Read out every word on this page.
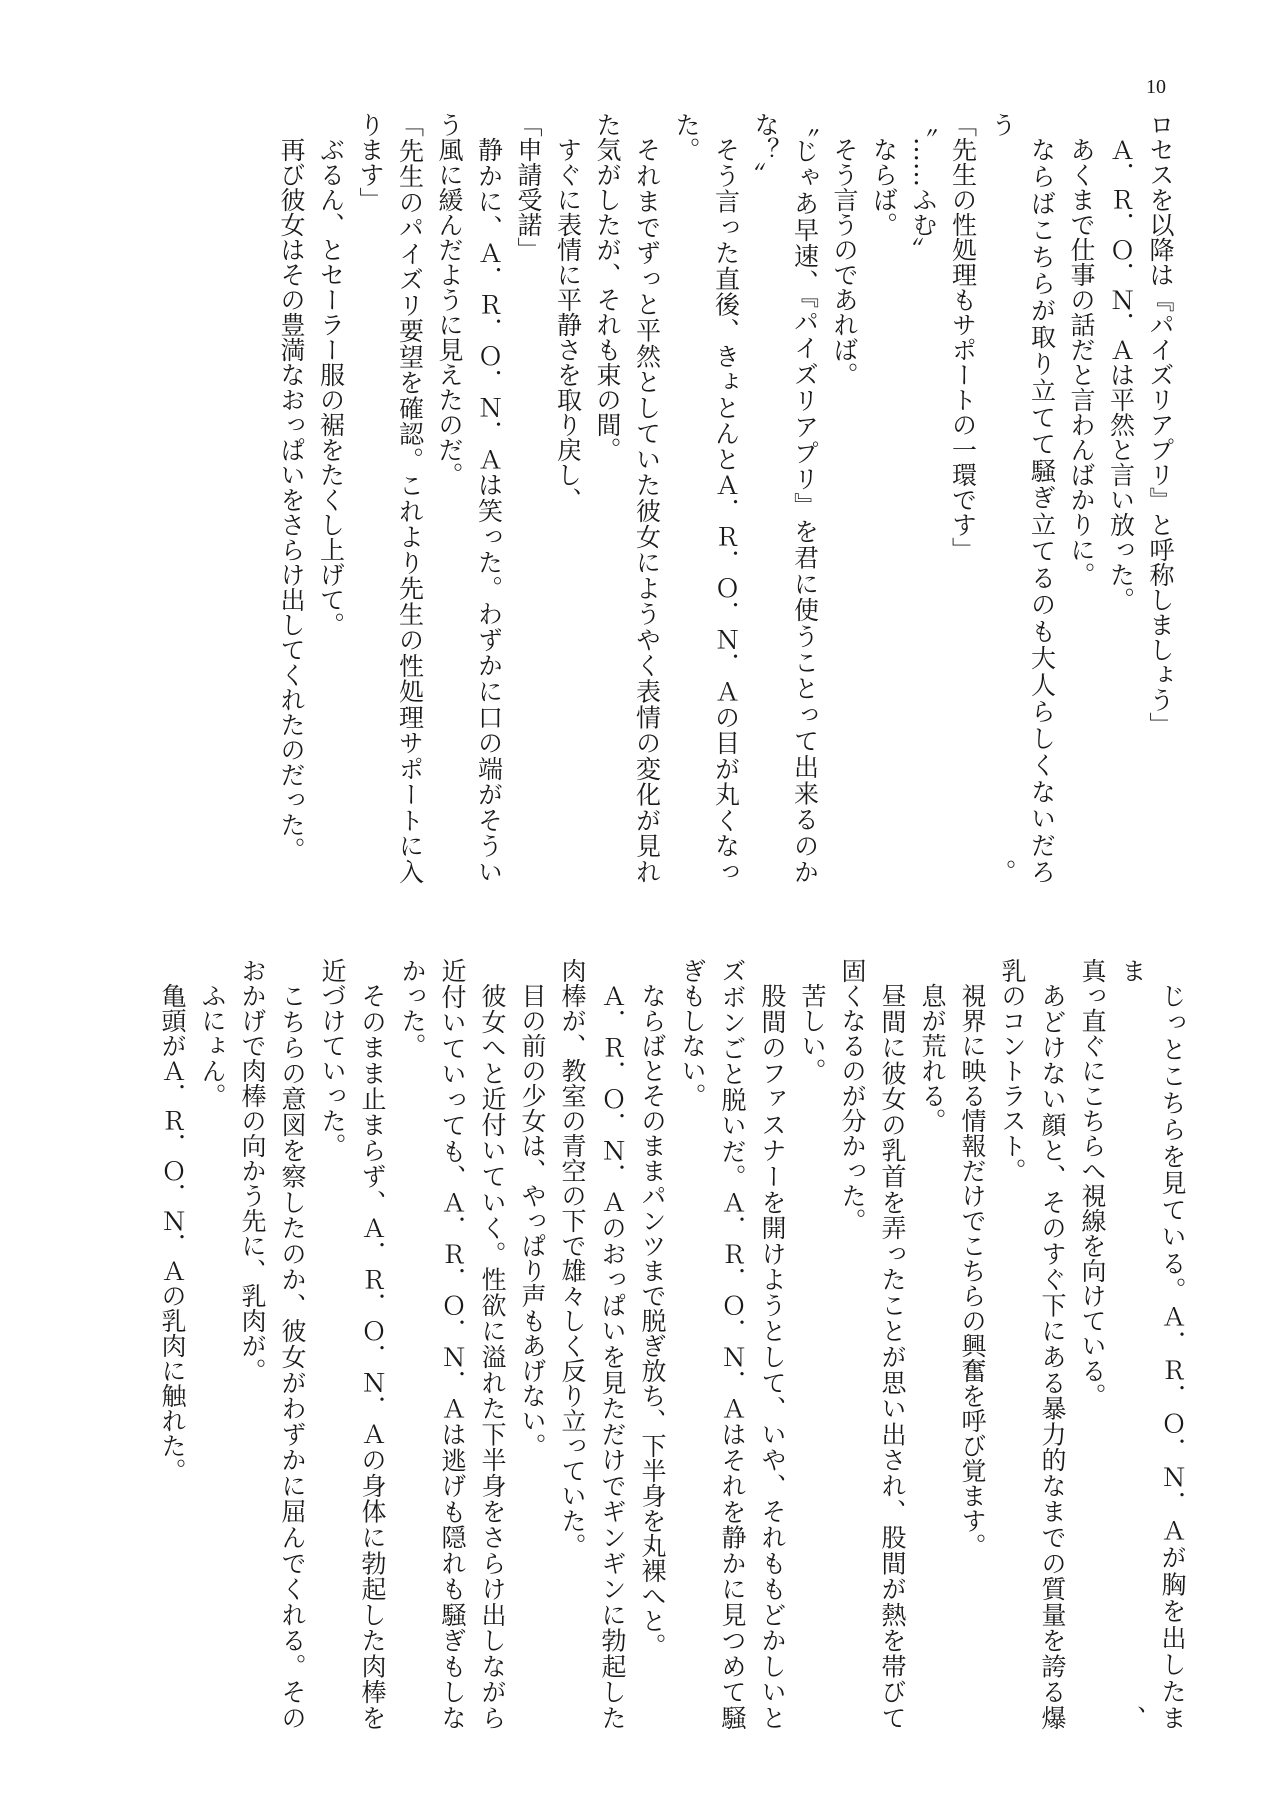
10
ロセスを以降は『パイズリアプリ』と呼称しましょう」
Ａ．Ｒ．Ｏ．Ｎ．Ａは平然と言い放った。
あくまで仕事の話だと言わんばかりに。
ならばこちらが取り立てて騒ぎ立てるのも大人らしくないだろう。
「先生の性処理もサポートの一環です」
〝……ふむ〟
ならば。
そう言うのであれば。
〝じゃあ早速、『パイズリアプリ』を君に使うことって出来るのか
な？〟
そう言った直後、きょとんとＡ．Ｒ．Ｏ．Ｎ．Ａの目が丸くなっ
た。
それまでずっと平然としていた彼女にようやく表情の変化が見れ
た気がしたが、それも束の間。
すぐに表情に平静さを取り戻し、
「申請受諾」
静かに、Ａ．Ｒ．Ｏ．Ｎ．Ａは笑った。わずかに口の端がそうい
う風に緩んだように見えたのだ。
「先生のパイズリ要望を確認。これより先生の性処理サポートに入
ります」
ぶるん、とセーラー服の裾をたくし上げて。
再び彼女はその豊満なおっぱいをさらけ出してくれたのだった。
じっとこちらを見ている。Ａ．Ｒ．Ｏ．Ｎ．Ａが胸を出したまま、
真っ直ぐにこちらへ視線を向けている。
あどけない顔と、そのすぐ下にある暴力的なまでの質量を誇る爆
乳のコントラスト。
視界に映る情報だけでこちらの興奮を呼び覚ます。
息が荒れる。
昼間に彼女の乳首を弄ったことが思い出され、股間が熱を帯びて
固くなるのが分かった。
苦しい。
股間のファスナーを開けようとして、いや、それももどかしいと
ズボンごと脱いだ。Ａ．Ｒ．Ｏ．Ｎ．Ａはそれを静かに見つめて騒
ぎもしない。
ならばとそのままパンツまで脱ぎ放ち、下半身を丸裸へと。
Ａ．Ｒ．Ｏ．Ｎ．Ａのおっぱいを見ただけでギンギンに勃起した
肉棒が、教室の青空の下で雄々しく反り立っていた。
目の前の少女は、やっぱり声もあげない。
彼女へと近付いていく。性欲に溢れた下半身をさらけ出しながら
近付いていっても、Ａ．Ｒ．Ｏ．Ｎ．Ａは逃げも隠れも騒ぎもしな
かった。
そのまま止まらず、Ａ．Ｒ．Ｏ．Ｎ．Ａの身体に勃起した肉棒を
近づけていった。
こちらの意図を察したのか、彼女がわずかに屈んでくれる。その
おかげで肉棒の向かう先に、乳肉が。
ふにょん。
亀頭がＡ．Ｒ．Ｏ．Ｎ．Ａの乳肉に触れた。
